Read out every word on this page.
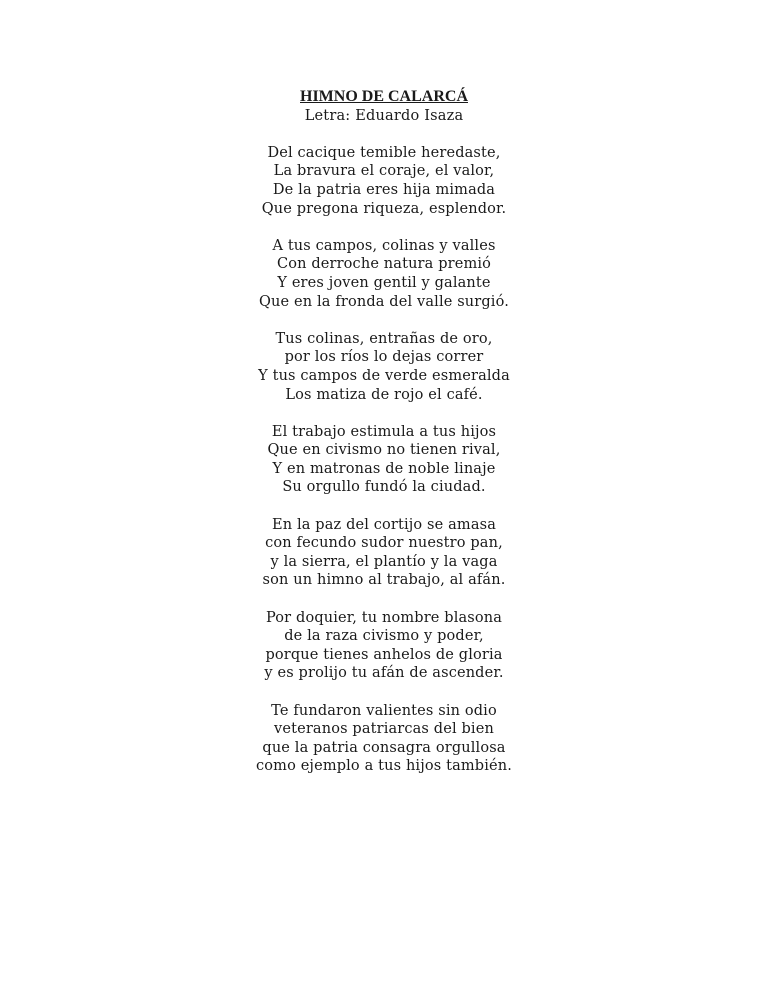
HIMNO DE CALARCÁ

Letra: Eduardo Isaza

Del cacique temible heredaste,
La bravura el coraje, el valor,
De la patria eres hija mimada
Que pregona riqueza, esplendor.
A tus campos, colinas y valles
Con derroche natura premió
Y eres joven gentil y galante
Que en la fronda del valle surgió.
Tus colinas, entrañas de oro,
por los ríos lo dejas correr
Y tus campos de verde esmeralda
Los matiza de rojo el café.
El trabajo estimula a tus hijos
Que en civismo no tienen rival,
Y en matronas de noble linaje
Su orgullo fundó la ciudad.
En la paz del cortijo se amasa
con fecundo sudor nuestro pan,
y la sierra, el plantío y la vaga
son un himno al trabajo, al afán.
Por doquier, tu nombre blasona
de la raza civismo y poder,
porque tienes anhelos de gloria
y es prolijo tu afán de ascender.
Te fundaron valientes sin odio
veteranos patriarcas del bien
que la patria consagra orgullosa
como ejemplo a tus hijos también.
